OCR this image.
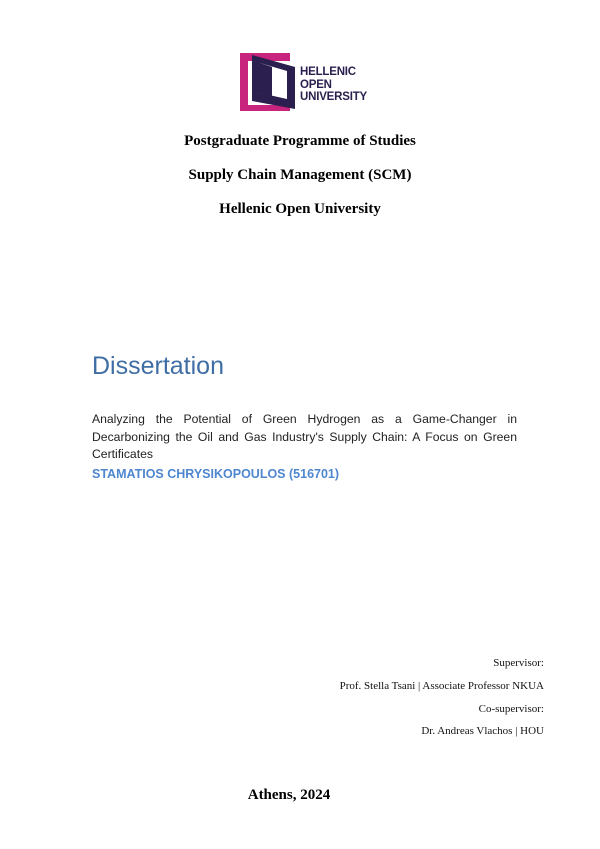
HELLENIC
OPEN
UNIVERSITY
Postgraduate Programme of Studies
Supply Chain Management (SCM)
Hellenic Open University
Dissertation
Analyzing the Potential of Green Hydrogen as a Game-Changer in Decarbonizing the Oil and Gas Industry's Supply Chain: A Focus on Green Certificates
STAMATIOS CHRYSIKOPOULOS (516701)
Supervisor:
Prof. Stella Tsani | Associate Professor NKUA
Co-supervisor:
Dr. Andreas Vlachos | HOU
Athens, 2024
